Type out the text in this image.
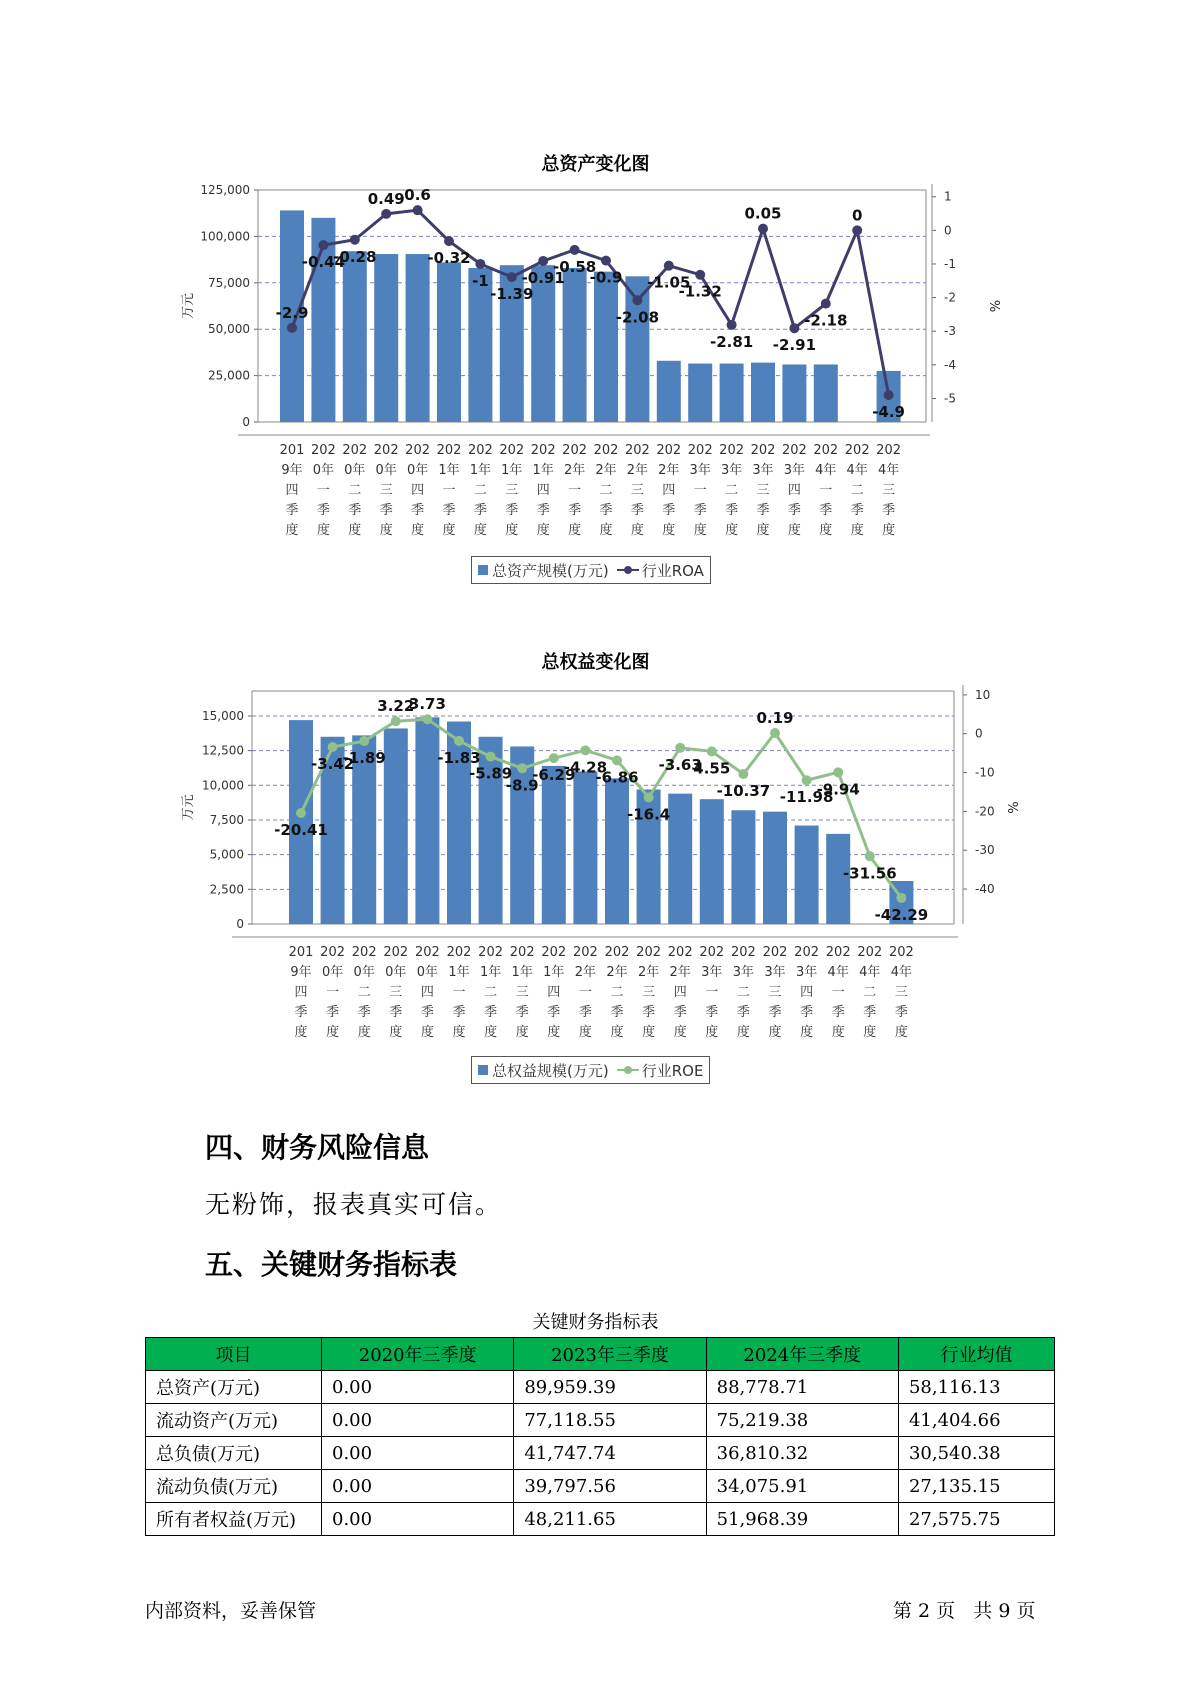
总资产变化图
0
25,000
50,000
75,000
100,000
125,000	1
0
-1
-2
-3
-4
-5
万元	%
-2.9
-0.44
-0.28
0.49 0.6
-0.32
-1
-1.39
-0.91
-0.58
-0.9
-2.08
-1.05
-1.32
-2.81
0.05
-2.91
-2.18
0
-4.9
201
9年
四
季
度
202
0年
一
季
度
202
0年
二
季
度
202
0年
三
季
度
202
0年
四
季
度
202
1年
一
季
度
202
1年
二
季
度
202
1年
三
季
度
202
1年
四
季
度
202
2年
一
季
度
202
2年
二
季
度
202
2年
三
季
度
202
2年
四
季
度
202
3年
一
季
度
202
3年
二
季
度
202
3年
三
季
度
202
3年
四
季
度
202
4年
一
季
度
202
4年
二
季
度
202
4年
三
季
度
总资产规模(万元) 行业ROA
总权益变化图
0
2,500
5,000
7,500
10,000
12,500
15,000
10
0
-10
-20
-30
-40
万元	%
-20.41
-3.42
-1.89
3.22
3.73
-1.83
-5.89
-8.9
-6.29
-4.28
-6.86
-16.4
-3.63
4.55
-10.37
0.19
-11.98
-9.94
-31.56
-42.29
201
9年
四
季
度
202
0年
一
季
度
202
0年
二
季
度
202
0年
三
季
度
202
0年
四
季
度
202
1年
一
季
度
202
1年
二
季
度
202
1年
三
季
度
202
1年
四
季
度
202
2年
一
季
度
202
2年
二
季
度
202
2年
三
季
度
202
2年
四
季
度
202
3年
一
季
度
202
3年
二
季
度
202
3年
三
季
度
202
3年
四
季
度
202
4年
一
季
度
202
4年
二
季
度
202
4年
三
季
度
总权益规模(万元) 行业ROE
四、财务风险信息
无粉饰，报表真实可信。
五、关键财务指标表
关键财务指标表
项目	2020年三季度	2023年三季度	2024年三季度	行业均值
总资产(万元)	0.00	89,959.39	88,778.71	58,116.13
流动资产(万元)	0.00	77,118.55	75,219.38	41,404.66
总负债(万元)	0.00	41,747.74	36,810.32	30,540.38
流动负债(万元)	0.00	39,797.56	34,075.91	27,135.15
所有者权益(万元)	0.00	48,211.65	51,968.39	27,575.75
内部资料，妥善保管	第 2 页   共 9 页
